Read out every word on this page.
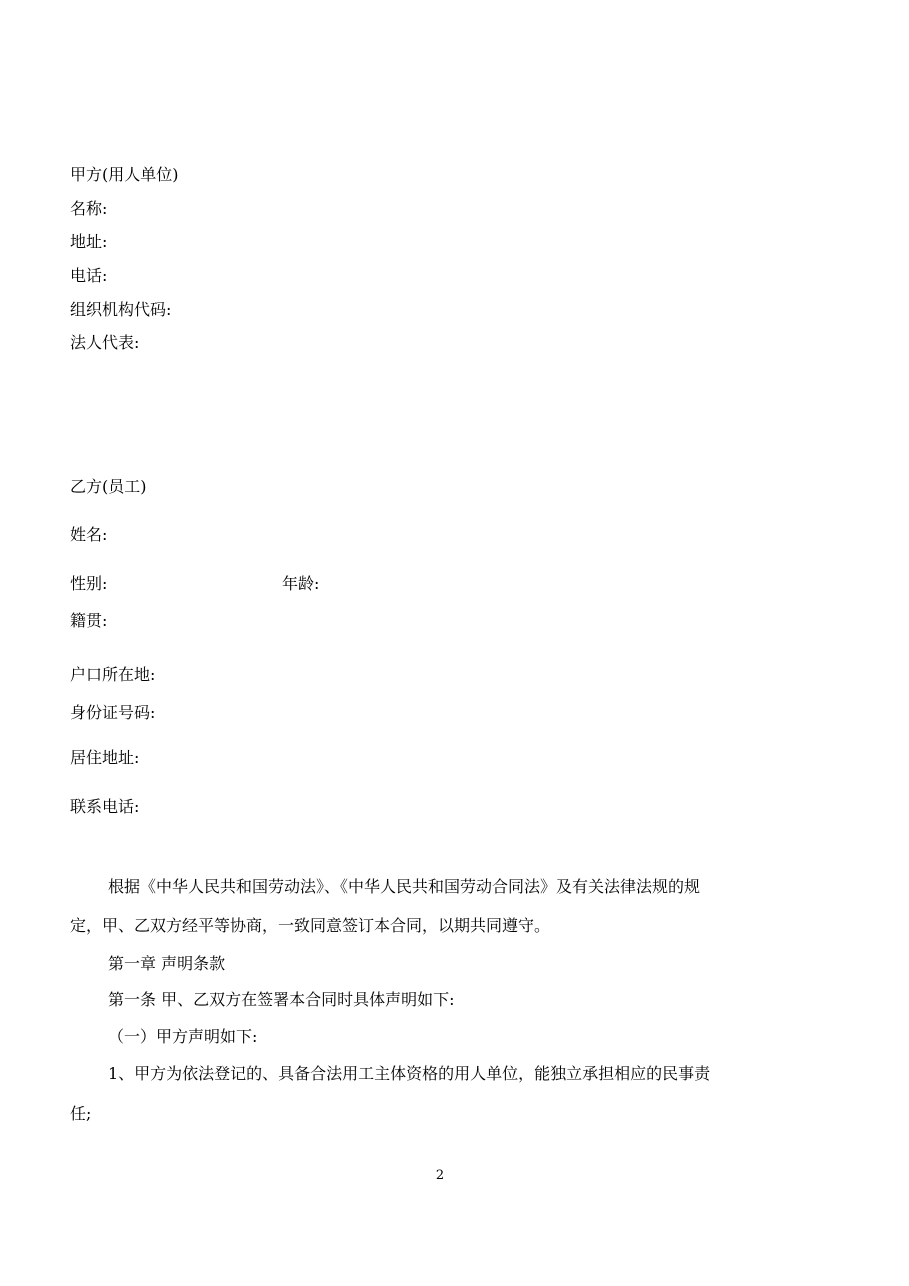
甲方(用人单位)
名称:
地址:
电话:
组织机构代码:
法人代表:
乙方(员工)
姓名:
性别:	年龄:
籍贯:
户口所在地:
身份证号码:
居住地址:
联系电话:
根据《中华人民共和国劳动法》、《中华人民共和国劳动合同法》及有关法律法规的规
定，甲、乙双方经平等协商，一致同意签订本合同，以期共同遵守。
第一章 声明条款
第一条 甲、乙双方在签署本合同时具体声明如下:
（一）甲方声明如下:
1、甲方为依法登记的、具备合法用工主体资格的用人单位，能独立承担相应的民事责
任;
2
